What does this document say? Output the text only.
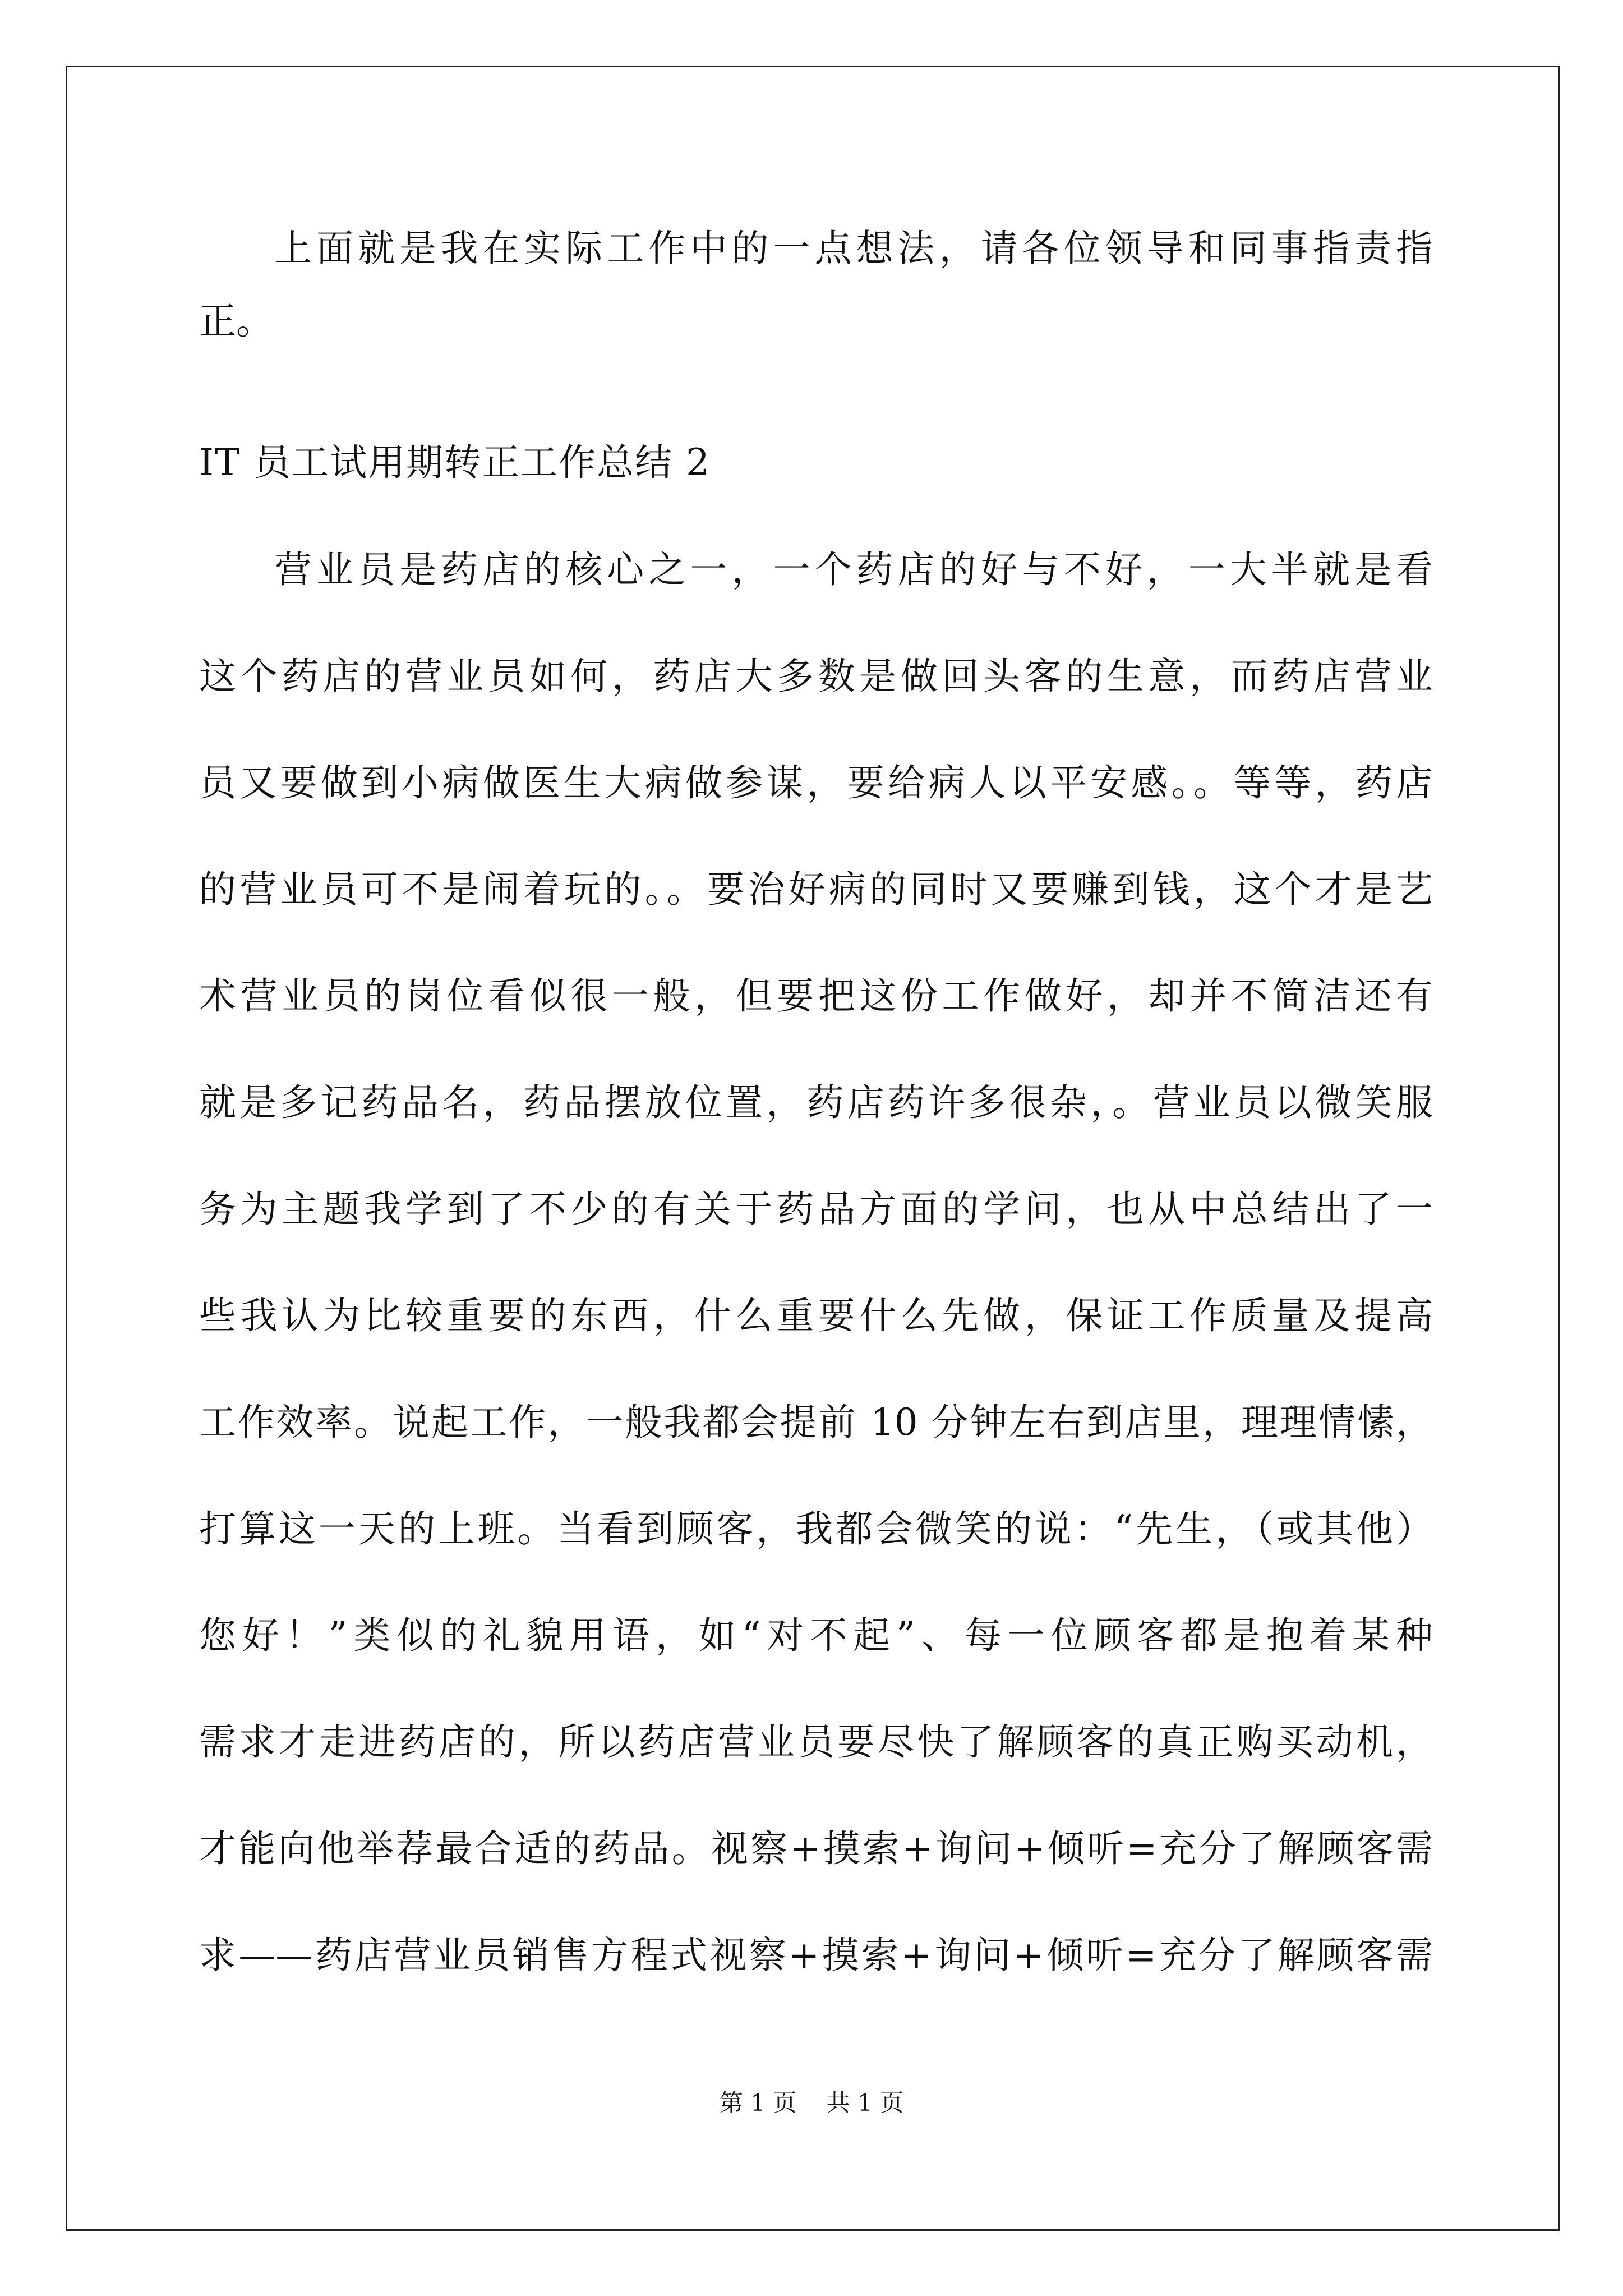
上面就是我在实际工作中的一点想法，请各位领导和同事指责指
正。
IT 员工试用期转正工作总结 2
营业员是药店的核心之一，一个药店的好与不好，一大半就是看
这个药店的营业员如何，药店大多数是做回头客的生意，而药店营业
员又要做到小病做医生大病做参谋，要给病人以平安感。。等等，药店
的营业员可不是闹着玩的。。要治好病的同时又要赚到钱，这个才是艺
术营业员的岗位看似很一般，但要把这份工作做好，却并不简洁还有
就是多记药品名，药品摆放位置，药店药许多很杂，。营业员以微笑服
务为主题我学到了不少的有关于药品方面的学问，也从中总结出了一
些我认为比较重要的东西，什么重要什么先做，保证工作质量及提高
工作效率。说起工作，一般我都会提前 10 分钟左右到店里，理理情愫，
打算这一天的上班。当看到顾客，我都会微笑的说：“先生，（或其他）
您好！”类似的礼貌用语，如“对不起”、每一位顾客都是抱着某种
需求才走进药店的，所以药店营业员要尽快了解顾客的真正购买动机，
才能向他举荐最合适的药品。视察+摸索+询问+倾听=充分了解顾客需
求——药店营业员销售方程式视察+摸索+询问+倾听=充分了解顾客需
第 1 页    共 1 页
